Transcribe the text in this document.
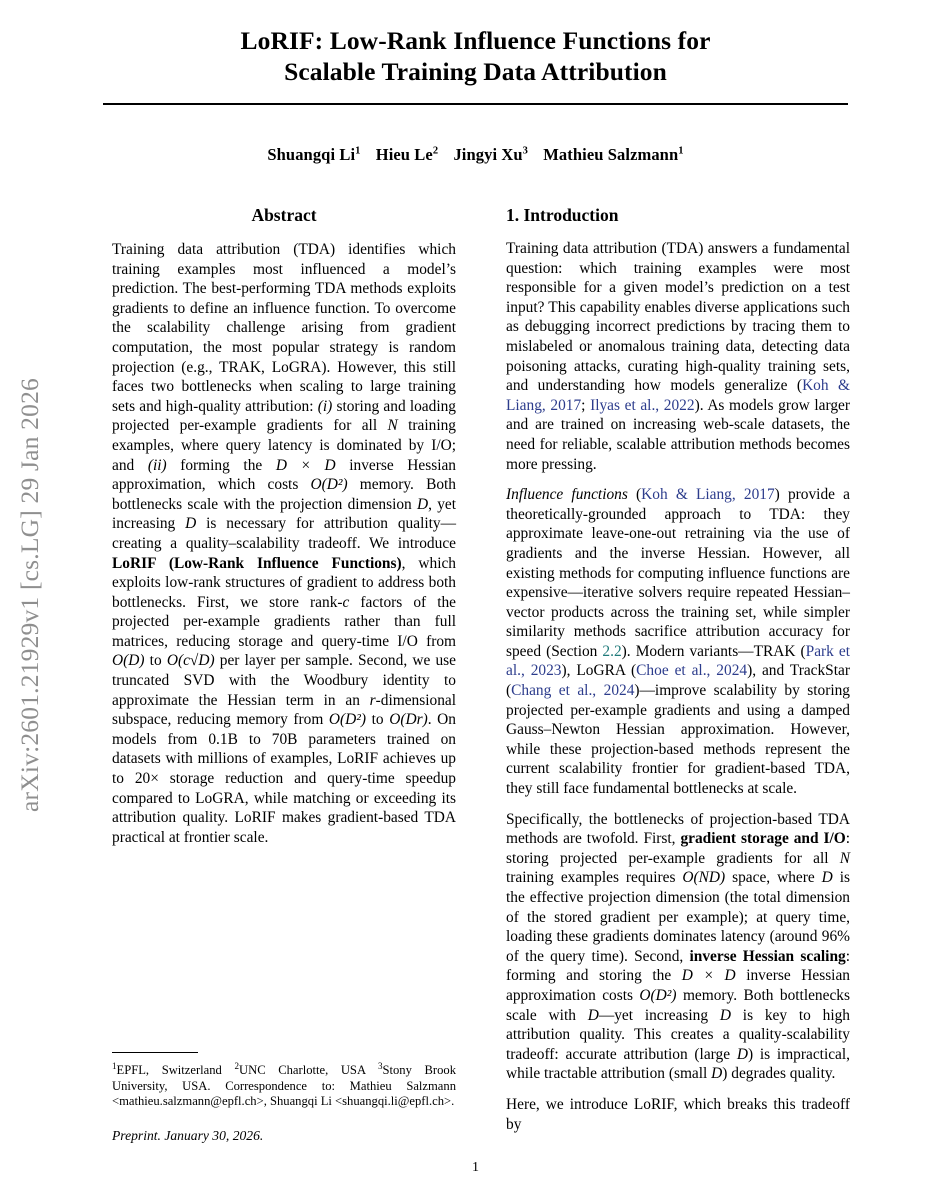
arXiv:2601.21929v1 [cs.LG] 29 Jan 2026
LoRIF: Low-Rank Influence Functions for
Scalable Training Data Attribution
Shuangqi Li$^1$ Hieu Le$^2$ Jingyi Xu$^3$ Mathieu Salzmann$^1$
Abstract

Training data attribution (TDA) identifies which training examples most influenced a model’s prediction. The best-performing TDA methods exploits gradients to define an influence function. To overcome the scalability challenge arising from gradient computation, the most popular strategy is random projection (e.g., TRAK, LoGRA). However, this still faces two bottlenecks when scaling to large training sets and high-quality attribution: (i) storing and loading projected per-example gradients for all N training examples, where query latency is dominated by I/O; and (ii) forming the D × D inverse Hessian approximation, which costs O(D²) memory. Both bottlenecks scale with the projection dimension D, yet increasing D is necessary for attribution quality—creating a quality–scalability tradeoff. We introduce LoRIF (Low-Rank Influence Functions), which exploits low-rank structures of gradient to address both bottlenecks. First, we store rank-c factors of the projected per-example gradients rather than full matrices, reducing storage and query-time I/O from O(D) to O(c√D) per layer per sample. Second, we use truncated SVD with the Woodbury identity to approximate the Hessian term in an r-dimensional subspace, reducing memory from O(D²) to O(Dr). On models from 0.1B to 70B parameters trained on datasets with millions of examples, LoRIF achieves up to 20× storage reduction and query-time speedup compared to LoGRA, while matching or exceeding its attribution quality. LoRIF makes gradient-based TDA practical at frontier scale.

1. Introduction

Training data attribution (TDA) answers a fundamental question: which training examples were most responsible for a given model’s prediction on a test input? This capability enables diverse applications such as debugging incorrect predictions by tracing them to mislabeled or anomalous training data, detecting data poisoning attacks, curating high-quality training sets, and understanding how models generalize (Koh & Liang, 2017; Ilyas et al., 2022). As models grow larger and are trained on increasing web-scale datasets, the need for reliable, scalable attribution methods becomes more pressing.

Influence functions (Koh & Liang, 2017) provide a theoretically-grounded approach to TDA: they approximate leave-one-out retraining via the use of gradients and the inverse Hessian. However, all existing methods for computing influence functions are expensive—iterative solvers require repeated Hessian–vector products across the training set, while simpler similarity methods sacrifice attribution accuracy for speed (Section 2.2). Modern variants—TRAK (Park et al., 2023), LoGRA (Choe et al., 2024), and TrackStar (Chang et al., 2024)—improve scalability by storing projected per-example gradients and using a damped Gauss–Newton Hessian approximation. However, while these projection-based methods represent the current scalability frontier for gradient-based TDA, they still face fundamental bottlenecks at scale.

Specifically, the bottlenecks of projection-based TDA methods are twofold. First, gradient storage and I/O: storing projected per-example gradients for all N training examples requires O(ND) space, where D is the effective projection dimension (the total dimension of the stored gradient per example); at query time, loading these gradients dominates latency (around 96% of the query time). Second, inverse Hessian scaling: forming and storing the D × D inverse Hessian approximation costs O(D²) memory. Both bottlenecks scale with D—yet increasing D is key to high attribution quality. This creates a quality-scalability tradeoff: accurate attribution (large D) is impractical, while tractable attribution (small D) degrades quality.

Here, we introduce LoRIF, which breaks this tradeoff by

$^1$EPFL, Switzerland $^2$UNC Charlotte, USA $^3$Stony Brook University, USA. Correspondence to: Mathieu Salzmann <mathieu.salzmann@epfl.ch>, Shuangqi Li <shuangqi.li@epfl.ch>.

Preprint. January 30, 2026.

1
